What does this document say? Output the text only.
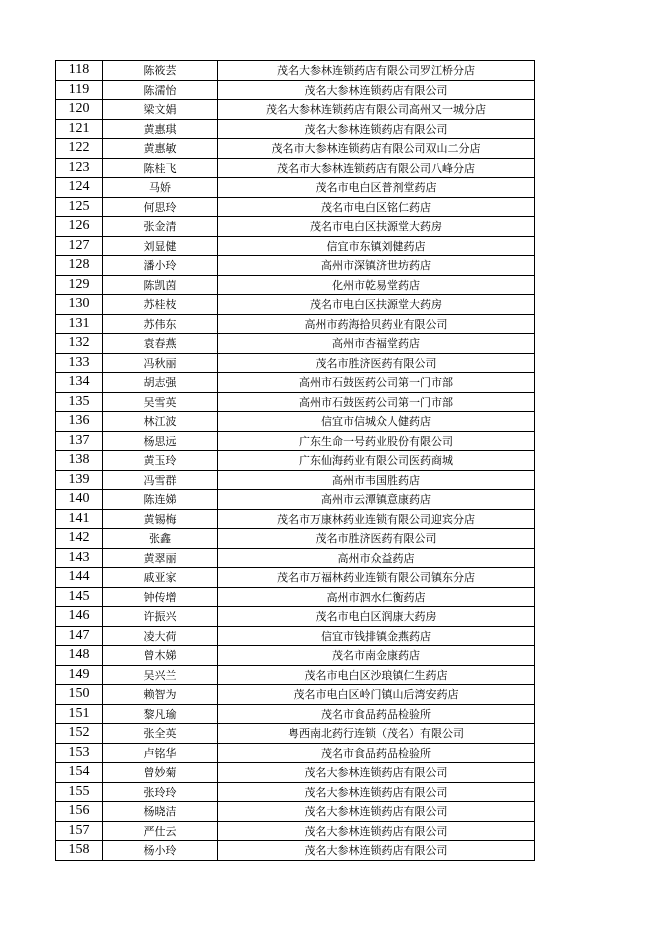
118	陈筱芸	茂名大参林连锁药店有限公司罗江桥分店
119	陈濡怡	茂名大参林连锁药店有限公司
120	梁文娟	茂名大参林连锁药店有限公司高州又一城分店
121	黄惠琪	茂名大参林连锁药店有限公司
122	黄惠敏	茂名市大参林连锁药店有限公司双山二分店
123	陈桂飞	茂名市大参林连锁药店有限公司八峰分店
124	马娇	茂名市电白区普剂堂药店
125	何思玲	茂名市电白区铭仁药店
126	张金清	茂名市电白区扶源堂大药房
127	刘显健	信宜市东镇刘健药店
128	潘小玲	高州市深镇济世坊药店
129	陈凯茵	化州市乾易堂药店
130	苏桂枝	茂名市电白区扶源堂大药房
131	苏伟东	高州市药海拾贝药业有限公司
132	袁春燕	高州市杏福堂药店
133	冯秋丽	茂名市胜济医药有限公司
134	胡志强	高州市石鼓医药公司第一门市部
135	吴雪英	高州市石鼓医药公司第一门市部
136	林江波	信宜市信城众人健药店
137	杨思远	广东生命一号药业股份有限公司
138	黄玉玲	广东仙海药业有限公司医药商城
139	冯雪群	高州市韦国胜药店
140	陈连娣	高州市云潭镇意康药店
141	黄锡梅	茂名市万康林药业连锁有限公司迎宾分店
142	张鑫	茂名市胜济医药有限公司
143	黄翠丽	高州市众益药店
144	戚亚家	茂名市万福林药业连锁有限公司镇东分店
145	钟传增	高州市泗水仁衡药店
146	许振兴	茂名市电白区润康大药房
147	凌大荷	信宜市钱排镇金燕药店
148	曾木娣	茂名市南金康药店
149	吴兴兰	茂名市电白区沙琅镇仁生药店
150	赖智为	茂名市电白区岭门镇山后湾安药店
151	黎凡瑜	茂名市食品药品检验所
152	张全英	粤西南北药行连锁（茂名）有限公司
153	卢铭华	茂名市食品药品检验所
154	曾妙菊	茂名大参林连锁药店有限公司
155	张玲玲	茂名大参林连锁药店有限公司
156	杨晓洁	茂名大参林连锁药店有限公司
157	严仕云	茂名大参林连锁药店有限公司
158	杨小玲	茂名大参林连锁药店有限公司
